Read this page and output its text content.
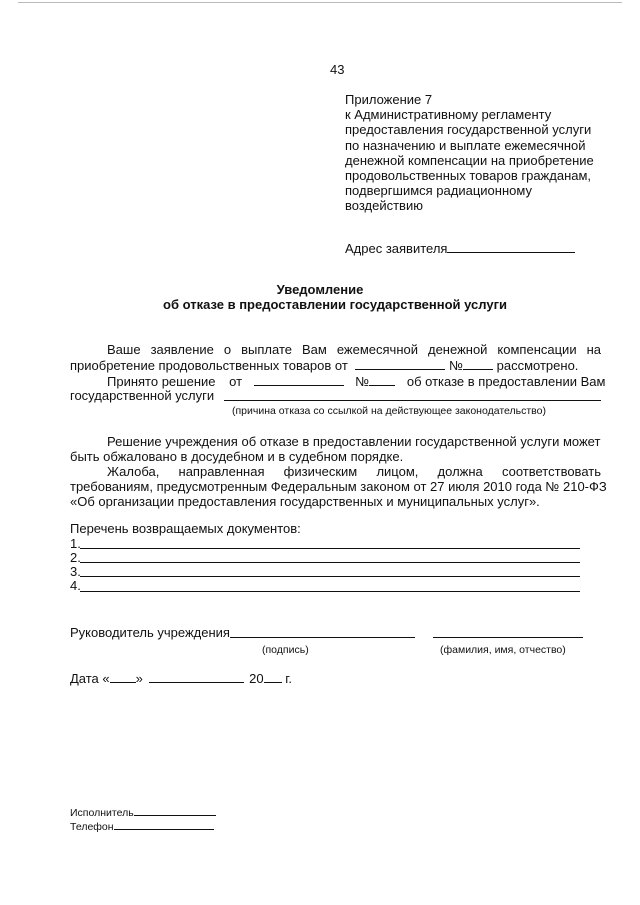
43
Приложение 7
к Административному регламенту
предоставления государственной услуги
по назначению и выплате ежемесячной
денежной компенсации на приобретение
продовольственных товаров гражданам,
подвергшимся радиационному
воздействию
Адрес заявителя
Уведомление
об отказе в предоставлении государственной услуги
Ваше заявление о выплате Вам ежемесячной денежной компенсации на
приобретение продовольственных товаров от	№	рассмотрено.
Принято решение от	№	об отказе в предоставлении Вам
государственной услуги
(причина отказа со ссылкой на действующее законодательство)
Решение учреждения об отказе в предоставлении государственной услуги может
быть обжаловано в досудебном и в судебном порядке.
Жалоба, направленная физическим лицом, должна соответствовать
требованиям, предусмотренным Федеральным законом от 27 июля 2010 года № 210-ФЗ
«Об организации предоставления государственных и муниципальных услуг».
Перечень возвращаемых документов:
1.
2.
3.
4.
Руководитель учреждения
(подпись)	(фамилия, имя, отчество)
Дата « »	20 г.
Исполнитель
Телефон
